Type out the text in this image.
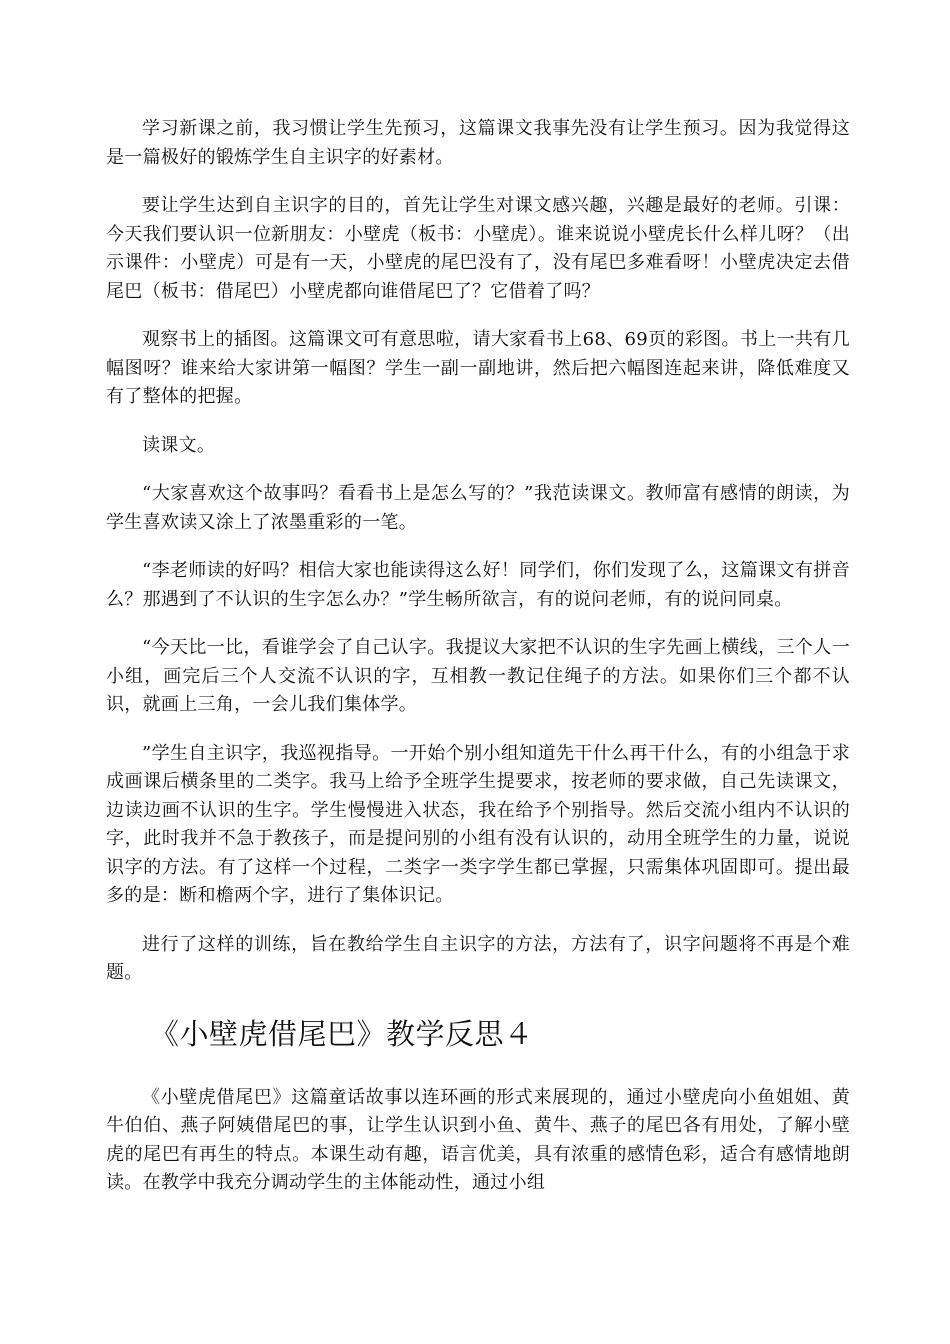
学习新课之前，我习惯让学生先预习，这篇课文我事先没有让学生预习。因为我觉得这是一篇极好的锻炼学生自主识字的好素材。

要让学生达到自主识字的目的，首先让学生对课文感兴趣，兴趣是最好的老师。引课：今天我们要认识一位新朋友：小壁虎（板书：小壁虎）。谁来说说小壁虎长什么样儿呀？（出示课件：小壁虎）可是有一天，小壁虎的尾巴没有了，没有尾巴多难看呀！小壁虎决定去借尾巴（板书：借尾巴）小壁虎都向谁借尾巴了？它借着了吗？

观察书上的插图。这篇课文可有意思啦，请大家看书上68、69页的彩图。书上一共有几幅图呀？谁来给大家讲第一幅图？学生一副一副地讲，然后把六幅图连起来讲，降低难度又有了整体的把握。

读课文。

“大家喜欢这个故事吗？看看书上是怎么写的？”我范读课文。教师富有感情的朗读，为学生喜欢读又涂上了浓墨重彩的一笔。

“李老师读的好吗？相信大家也能读得这么好！同学们，你们发现了么，这篇课文有拼音么？那遇到了不认识的生字怎么办？”学生畅所欲言，有的说问老师，有的说问同桌。

“今天比一比，看谁学会了自己认字。我提议大家把不认识的生字先画上横线，三个人一小组，画完后三个人交流不认识的字，互相教一教记住绳子的方法。如果你们三个都不认识，就画上三角，一会儿我们集体学。

”学生自主识字，我巡视指导。一开始个别小组知道先干什么再干什么，有的小组急于求成画课后横条里的二类字。我马上给予全班学生提要求，按老师的要求做，自己先读课文，边读边画不认识的生字。学生慢慢进入状态，我在给予个别指导。然后交流小组内不认识的字，此时我并不急于教孩子，而是提问别的小组有没有认识的，动用全班学生的力量，说说识字的方法。有了这样一个过程，二类字一类字学生都已掌握，只需集体巩固即可。提出最多的是：断和檐两个字，进行了集体识记。

进行了这样的训练，旨在教给学生自主识字的方法，方法有了，识字问题将不再是个难题。

《小壁虎借尾巴》教学反思４

《小壁虎借尾巴》这篇童话故事以连环画的形式来展现的，通过小壁虎向小鱼姐姐、黄牛伯伯、燕子阿姨借尾巴的事，让学生认识到小鱼、黄牛、燕子的尾巴各有用处，了解小壁虎的尾巴有再生的特点。本课生动有趣，语言优美，具有浓重的感情色彩，适合有感情地朗读。在教学中我充分调动学生的主体能动性，通过小组
